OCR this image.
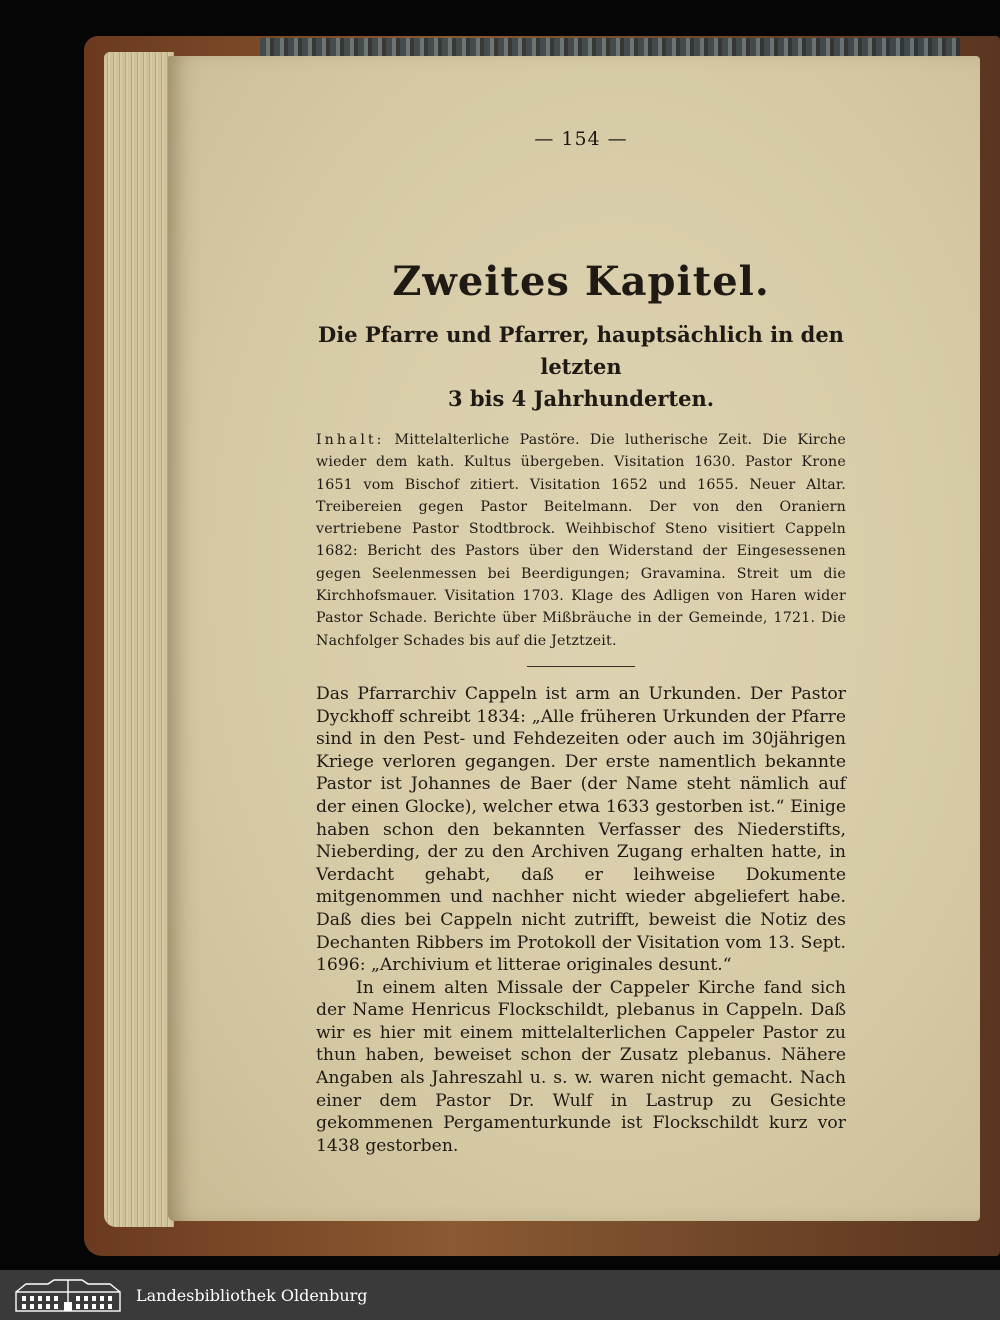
— 154 —

Zweites Kapitel.
Die Pfarre und Pfarrer, hauptsächlich in den letzten
3 bis 4 Jahrhunderten.

Inhalt: Mittelalterliche Pastöre. Die lutherische Zeit. Die Kirche wieder dem kath. Kultus übergeben. Visitation 1630. Pastor Krone 1651 vom Bischof zitiert. Visitation 1652 und 1655. Neuer Altar. Treibereien gegen Pastor Beitelmann. Der von den Oraniern vertriebene Pastor Stodtbrock. Weihbischof Steno visitiert Cappeln 1682: Bericht des Pastors über den Widerstand der Eingesessenen gegen Seelenmessen bei Beerdigungen; Gravamina. Streit um die Kirchhofsmauer. Visitation 1703. Klage des Adligen von Haren wider Pastor Schade. Berichte über Mißbräuche in der Gemeinde, 1721. Die Nachfolger Schades bis auf die Jetztzeit.

Das Pfarrarchiv Cappeln ist arm an Urkunden. Der Pastor Dyckhoff schreibt 1834: „Alle früheren Urkunden der Pfarre sind in den Pest- und Fehdezeiten oder auch im 30jährigen Kriege verloren gegangen. Der erste namentlich bekannte Pastor ist Johannes de Baer (der Name steht nämlich auf der einen Glocke), welcher etwa 1633 gestorben ist.“ Einige haben schon den bekannten Verfasser des Niederstifts, Nieberding, der zu den Archiven Zugang erhalten hatte, in Verdacht gehabt, daß er leihweise Dokumente mitgenommen und nachher nicht wieder abgeliefert habe. Daß dies bei Cappeln nicht zutrifft, beweist die Notiz des Dechanten Ribbers im Protokoll der Visitation vom 13. Sept. 1696: „Archivium et litterae originales desunt.“

In einem alten Missale der Cappeler Kirche fand sich der Name Henricus Flockschildt, plebanus in Cappeln. Daß wir es hier mit einem mittelalterlichen Cappeler Pastor zu thun haben, beweiset schon der Zusatz plebanus. Nähere Angaben als Jahreszahl u. s. w. waren nicht gemacht. Nach einer dem Pastor Dr. Wulf in Lastrup zu Gesichte gekommenen Pergamenturkunde ist Flockschildt kurz vor 1438 gestorben.

Landesbibliothek Oldenburg
